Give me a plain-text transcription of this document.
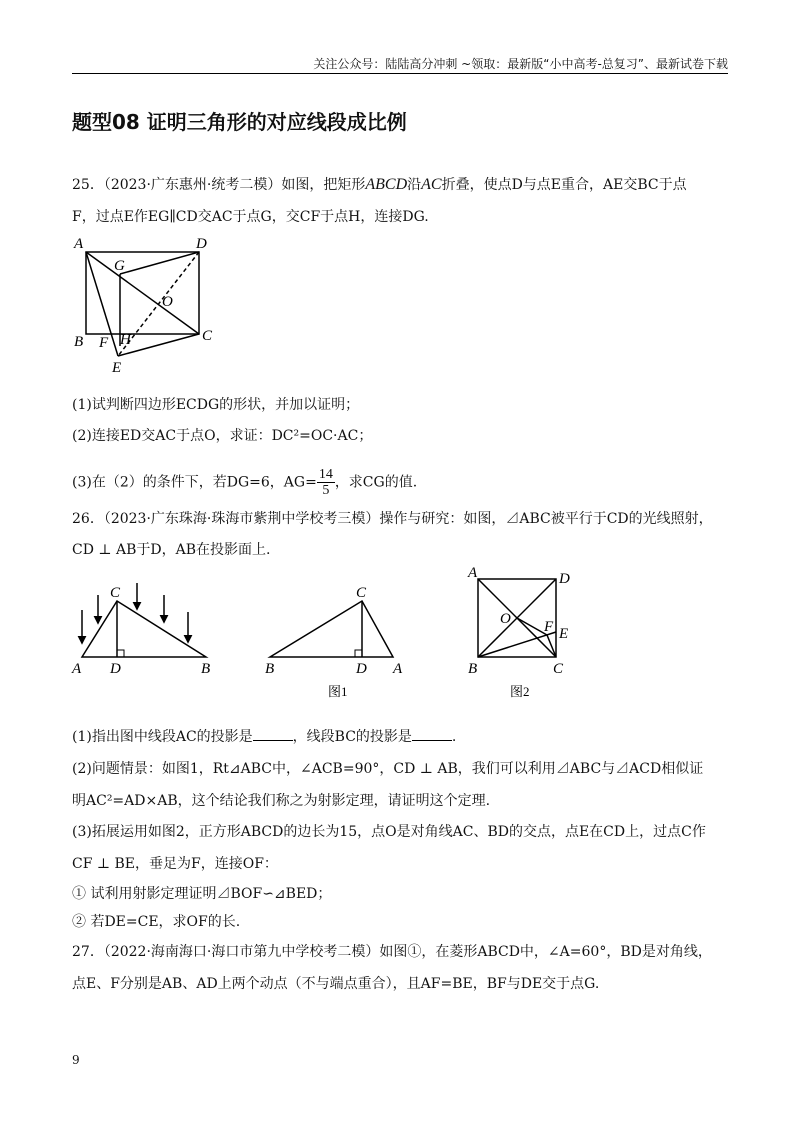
关注公众号：陆陆高分冲刺 ~领取：最新版“小中高考-总复习”、最新试卷下载
题型08 证明三角形的对应线段成比例
25．（2023·广东惠州·统考二模）如图，把矩形ABCD沿AC折叠，使点D与点E重合，AE交BC于点
F，过点E作EG∥CD交AC于点G，交CF于点H，连接DG.
A	D
G
O
B F H	C
E
(1)试判断四边形ECDG的形状，并加以证明；
(2)连接ED交AC于点O，求证：DC²=OC·AC；
(3)在（2）的条件下，若DG=6，$AG= \frac{14}{5}$ ，求CG的值.
26．（2023·广东珠海·珠海市紫荆中学校考三模）操作与研究：如图，⊿ABC被平行于CD的光线照射，
CD ⊥ AB于D，AB在投影面上.
A D
C
B	B
C
D A
图1
A	D
O F E
B	C
图2
(1)指出图中线段AC的投影是	，线段BC的投影是	.
(2)问题情景：如图1，Rt⊿ABC中，∠ACB=90°，CD ⊥ AB，我们可以利用⊿ABC与⊿ACD相似证
明AC²=AD×AB，这个结论我们称之为射影定理，请证明这个定理.
(3)拓展运用如图2，正方形ABCD的边长为15，点O是对角线AC、BD的交点，点E在CD上，过点C作
CF ⊥ BE，垂足为F，连接OF：
① 试利用射影定理证明⊿BOF∽⊿BED；
② 若DE=CE，求OF的长.
27．（2022·海南海口·海口市第九中学校考二模）如图①，在菱形ABCD中，∠A=60°，BD是对角线，
点E、F分别是AB、AD上两个动点（不与端点重合），且AF=BE，BF与DE交于点G.
9
